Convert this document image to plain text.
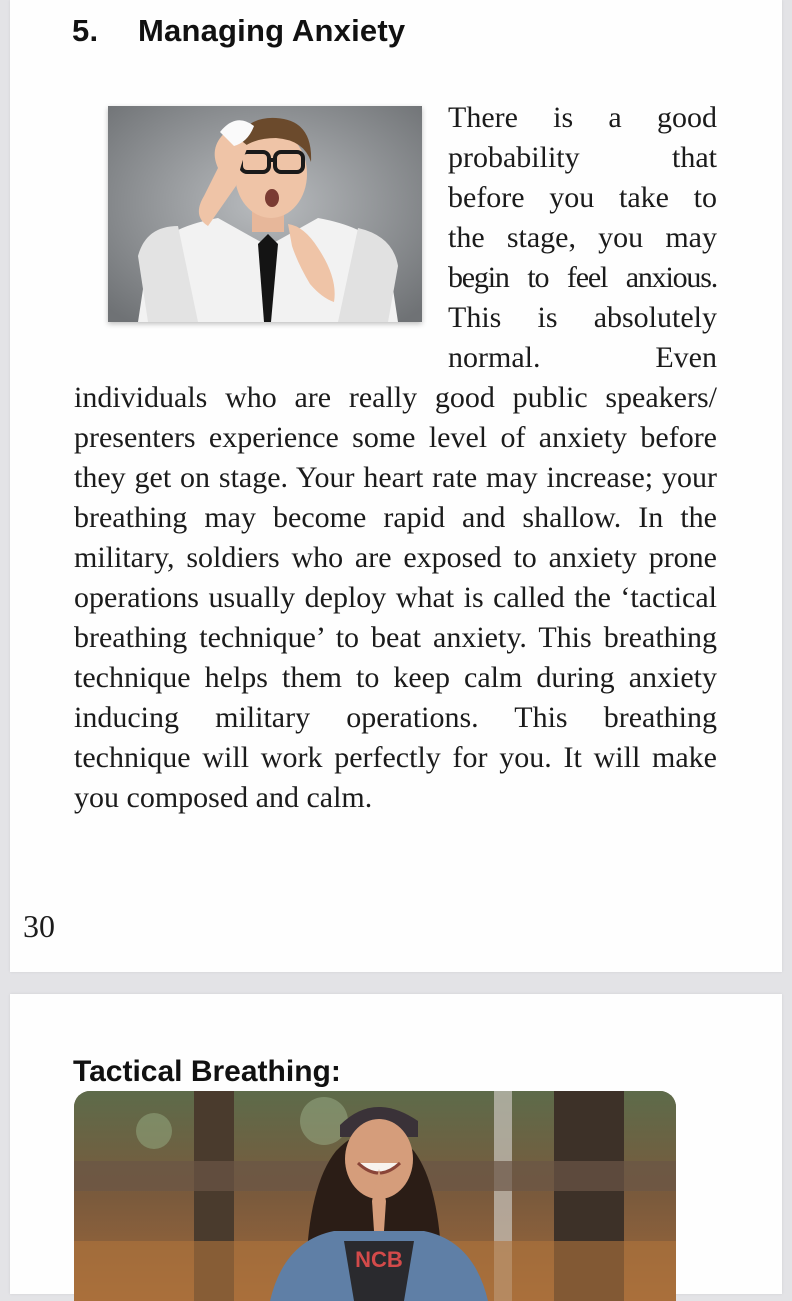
5. Managing Anxiety
There is a good
probability that
before you take to
the stage, you may
begin to feel anxious.
This is absolutely
normal. Even

individuals who are really good public speakers/ presenters experience some level of anxiety before they get on stage. Your heart rate may increase; your breathing may become rapid and shallow. In the military, soldiers who are exposed to anxiety prone operations usually deploy what is called the ‘tactical breathing technique’ to beat anxiety. This breathing technique helps them to keep calm during anxiety inducing military operations. This breathing technique will work perfectly for you. It will make you composed and calm.

30
Tactical Breathing:
NCB
